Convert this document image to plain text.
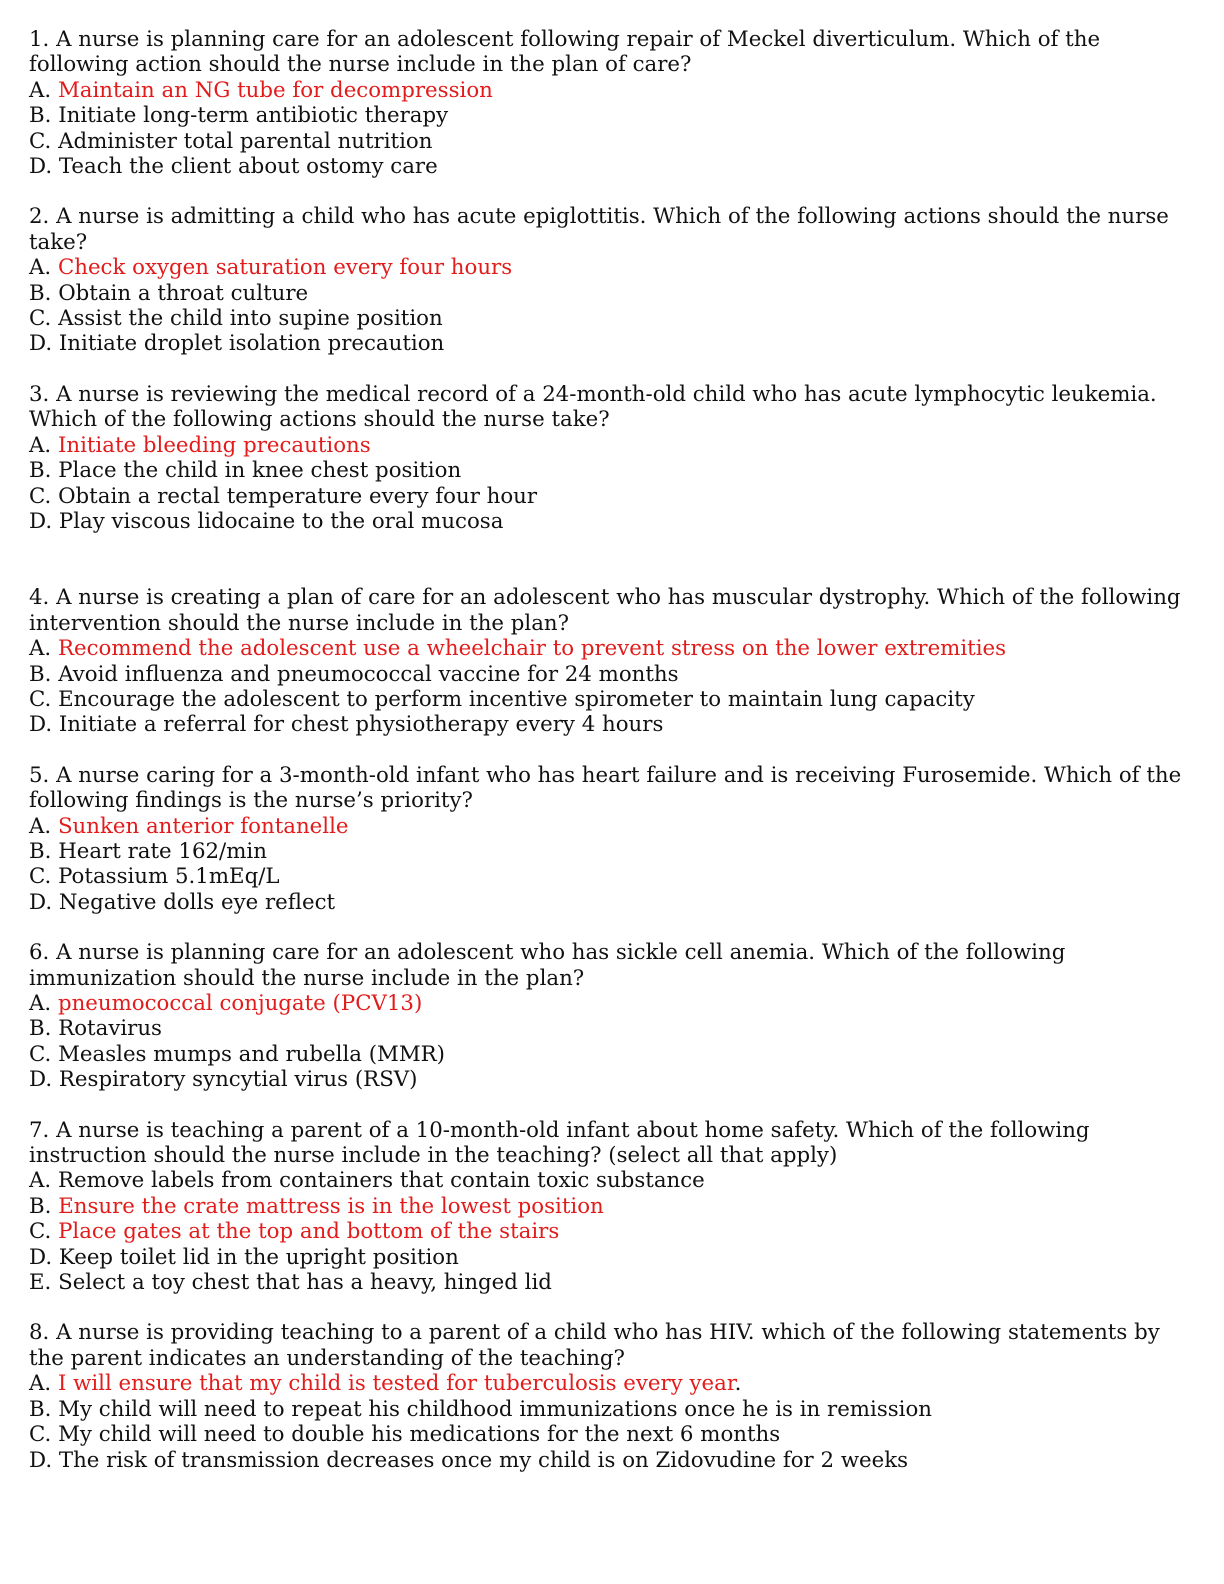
1. A nurse is planning care for an adolescent following repair of Meckel diverticulum. Which of the following action should the nurse include in the plan of care?
A. Maintain an NG tube for decompression
B. Initiate long-term antibiotic therapy
C. Administer total parental nutrition
D. Teach the client about ostomy care
2. A nurse is admitting a child who has acute epiglottitis. Which of the following actions should the nurse take?
A. Check oxygen saturation every four hours
B. Obtain a throat culture
C. Assist the child into supine position
D. Initiate droplet isolation precaution
3. A nurse is reviewing the medical record of a 24-month-old child who has acute lymphocytic leukemia. Which of the following actions should the nurse take?
A. Initiate bleeding precautions
B. Place the child in knee chest position
C. Obtain a rectal temperature every four hour
D. Play viscous lidocaine to the oral mucosa
4. A nurse is creating a plan of care for an adolescent who has muscular dystrophy. Which of the following intervention should the nurse include in the plan?
A. Recommend the adolescent use a wheelchair to prevent stress on the lower extremities
B. Avoid influenza and pneumococcal vaccine for 24 months
C. Encourage the adolescent to perform incentive spirometer to maintain lung capacity
D. Initiate a referral for chest physiotherapy every 4 hours
5. A nurse caring for a 3-month-old infant who has heart failure and is receiving Furosemide. Which of the following findings is the nurse’s priority?
A. Sunken anterior fontanelle
B. Heart rate 162/min
C. Potassium 5.1mEq/L
D. Negative dolls eye reflect
6. A nurse is planning care for an adolescent who has sickle cell anemia. Which of the following immunization should the nurse include in the plan?
A. pneumococcal conjugate (PCV13)
B. Rotavirus
C. Measles mumps and rubella (MMR)
D. Respiratory syncytial virus (RSV)
7. A nurse is teaching a parent of a 10-month-old infant about home safety. Which of the following instruction should the nurse include in the teaching? (select all that apply)
A. Remove labels from containers that contain toxic substance
B. Ensure the crate mattress is in the lowest position
C. Place gates at the top and bottom of the stairs
D. Keep toilet lid in the upright position
E. Select a toy chest that has a heavy, hinged lid
8. A nurse is providing teaching to a parent of a child who has HIV. which of the following statements by the parent indicates an understanding of the teaching?
A. I will ensure that my child is tested for tuberculosis every year.
B. My child will need to repeat his childhood immunizations once he is in remission
C. My child will need to double his medications for the next 6 months
D. The risk of transmission decreases once my child is on Zidovudine for 2 weeks
